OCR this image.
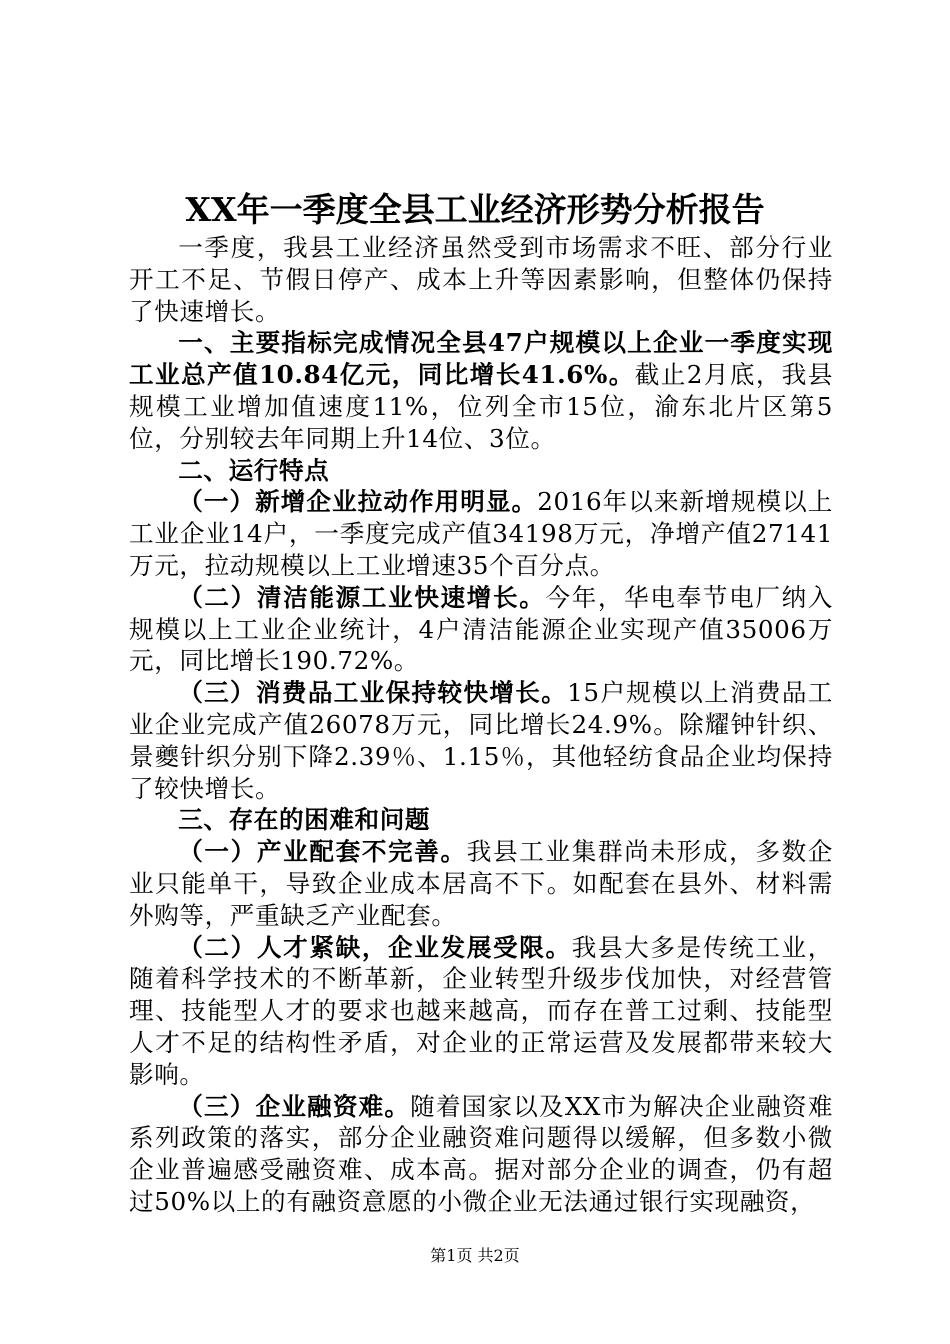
XX年一季度全县工业经济形势分析报告

一季度，我县工业经济虽然受到市场需求不旺、部分行业开工不足、节假日停产、成本上升等因素影响，但整体仍保持了快速增长。

一、主要指标完成情况全县47户规模以上企业一季度实现工业总产值10.84亿元，同比增长41.6%。截止2月底，我县规模工业增加值速度11%，位列全市15位，渝东北片区第5位，分别较去年同期上升14位、3位。

二、运行特点

（一）新增企业拉动作用明显。2016年以来新增规模以上工业企业14户，一季度完成产值34198万元，净增产值27141万元，拉动规模以上工业增速35个百分点。

（二）清洁能源工业快速增长。今年，华电奉节电厂纳入规模以上工业企业统计，4户清洁能源企业实现产值35006万元，同比增长190.72%。

（三）消费品工业保持较快增长。15户规模以上消费品工业企业完成产值26078万元，同比增长24.9%。除耀钟针织、景夔针织分别下降2.39％、1.15％，其他轻纺食品企业均保持了较快增长。

三、存在的困难和问题

（一）产业配套不完善。我县工业集群尚未形成，多数企业只能单干，导致企业成本居高不下。如配套在县外、材料需外购等，严重缺乏产业配套。

（二）人才紧缺，企业发展受限。我县大多是传统工业，随着科学技术的不断革新，企业转型升级步伐加快，对经营管理、技能型人才的要求也越来越高，而存在普工过剩、技能型人才不足的结构性矛盾，对企业的正常运营及发展都带来较大影响。

（三）企业融资难。随着国家以及XX市为解决企业融资难系列政策的落实，部分企业融资难问题得以缓解，但多数小微企业普遍感受融资难、成本高。据对部分企业的调查，仍有超过50%以上的有融资意愿的小微企业无法通过银行实现融资，

第1页 共2页
